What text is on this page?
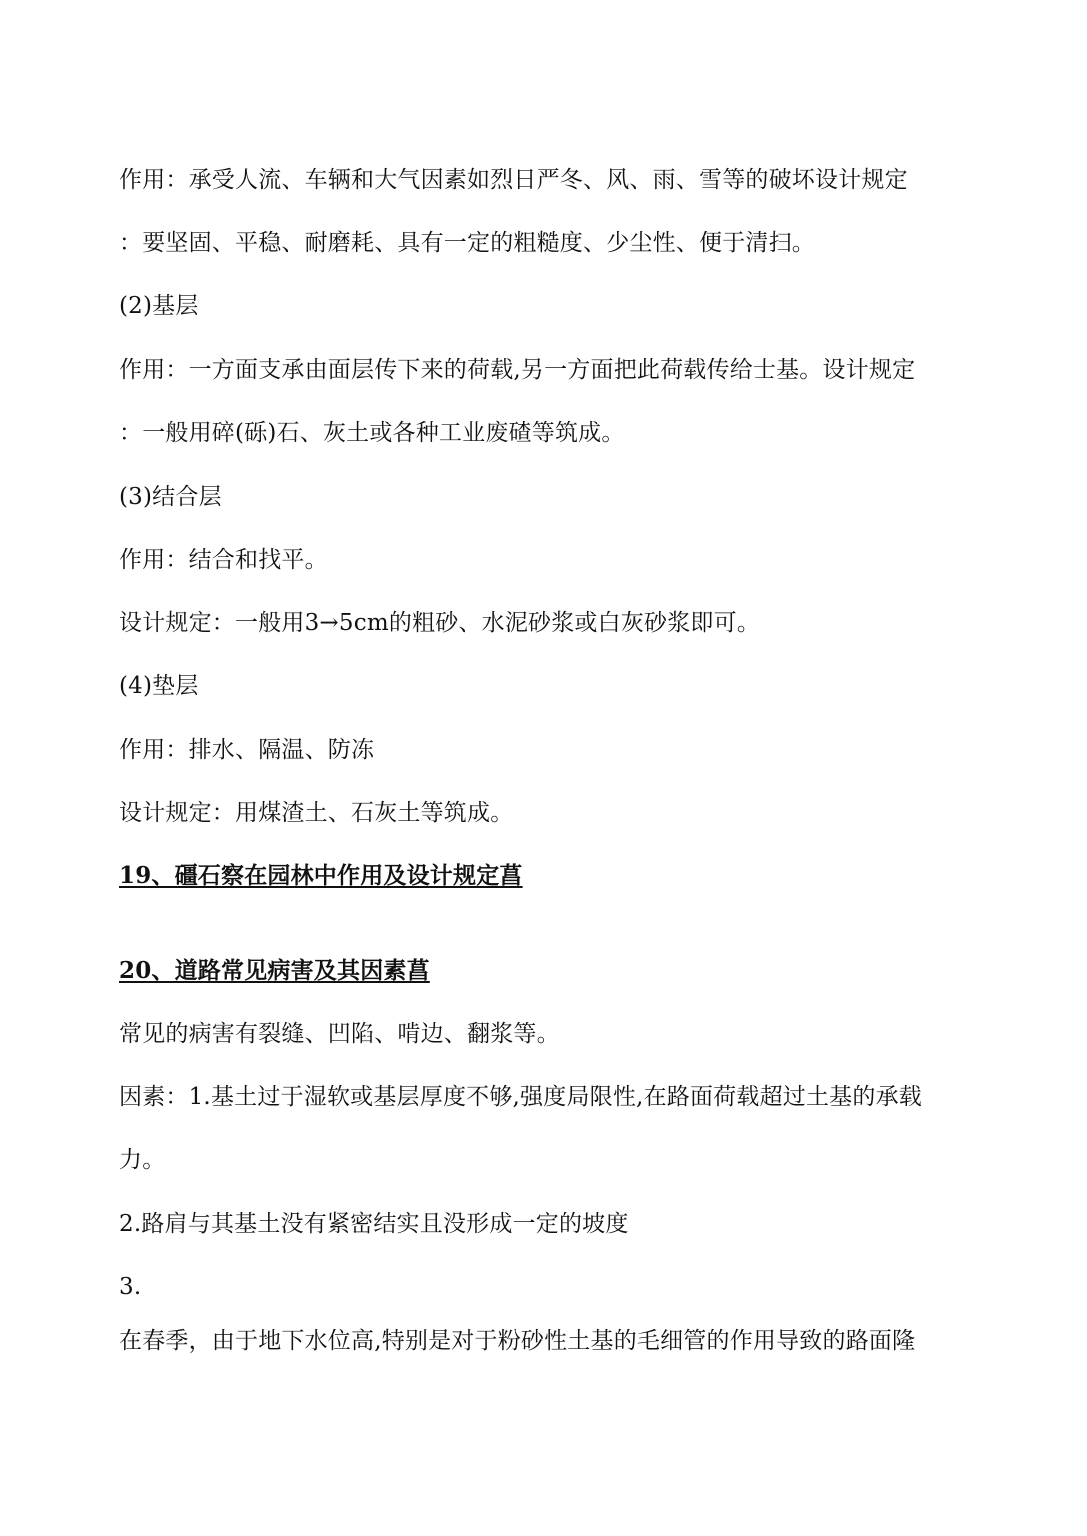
作用：承受人流、车辆和大气因素如烈日严冬、风、雨、雪等的破坏设计规定
：要坚固、平稳、耐磨耗、具有一定的粗糙度、少尘性、便于清扫。
(2)基层
作用：一方面支承由面层传下来的荷载,另一方面把此荷载传给士基。设计规定
：一般用碎(砾)石、灰土或各种工业废碴等筑成。
(3)结合层
作用：结合和找平。
设计规定：一般用3→5cm的粗砂、水泥砂浆或白灰砂浆即可。
(4)垫层
作用：排水、隔温、防冻
设计规定：用煤渣土、石灰土等筑成。
19、礓石察在园林中作用及设计规定菖
20、道路常见病害及其因素菖
常见的病害有裂缝、凹陷、啃边、翻浆等。
因素：1.基土过于湿软或基层厚度不够,强度局限性,在路面荷载超过土基的承载
力。
2.路肩与其基土没有紧密结实且没形成一定的坡度
3.
在春季，由于地下水位高,特别是对于粉砂性土基的毛细管的作用导致的路面隆
